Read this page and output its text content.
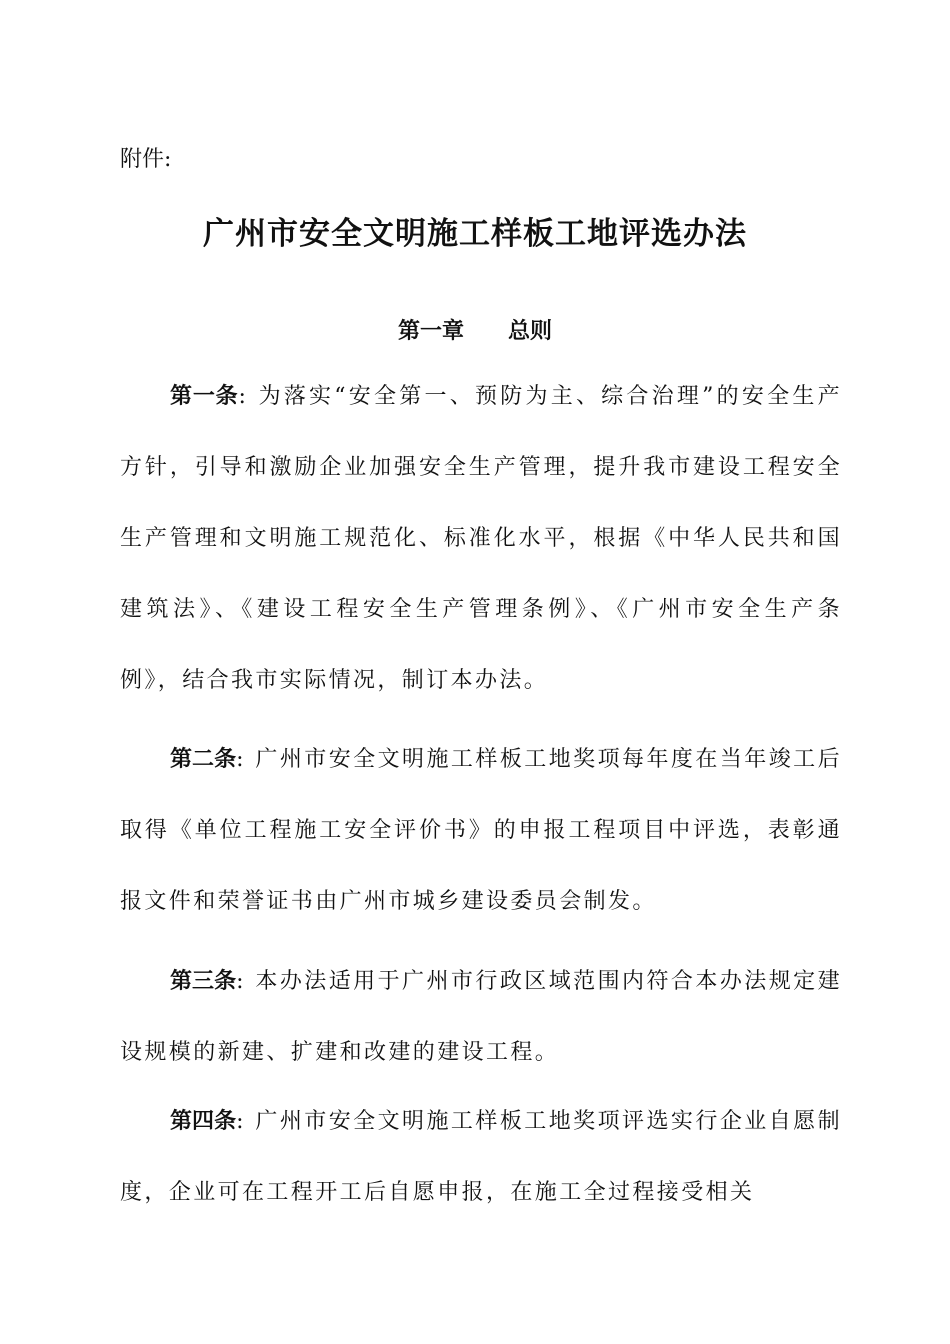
附件:
广州市安全文明施工样板工地评选办法
第一章 总则
第一条: 为落实“安全第一、预防为主、综合治理”的安全生产方针，引导和激励企业加强安全生产管理，提升我市建设工程安全生产管理和文明施工规范化、标准化水平，根据《中华人民共和国建筑法》、《建设工程安全生产管理条例》、《广州市安全生产条例》，结合我市实际情况，制订本办法。
第二条: 广州市安全文明施工样板工地奖项每年度在当年竣工后取得《单位工程施工安全评价书》的申报工程项目中评选，表彰通报文件和荣誉证书由广州市城乡建设委员会制发。
第三条: 本办法适用于广州市行政区域范围内符合本办法规定建设规模的新建、扩建和改建的建设工程。
第四条: 广州市安全文明施工样板工地奖项评选实行企业自愿制度，企业可在工程开工后自愿申报，在施工全过程接受相关
